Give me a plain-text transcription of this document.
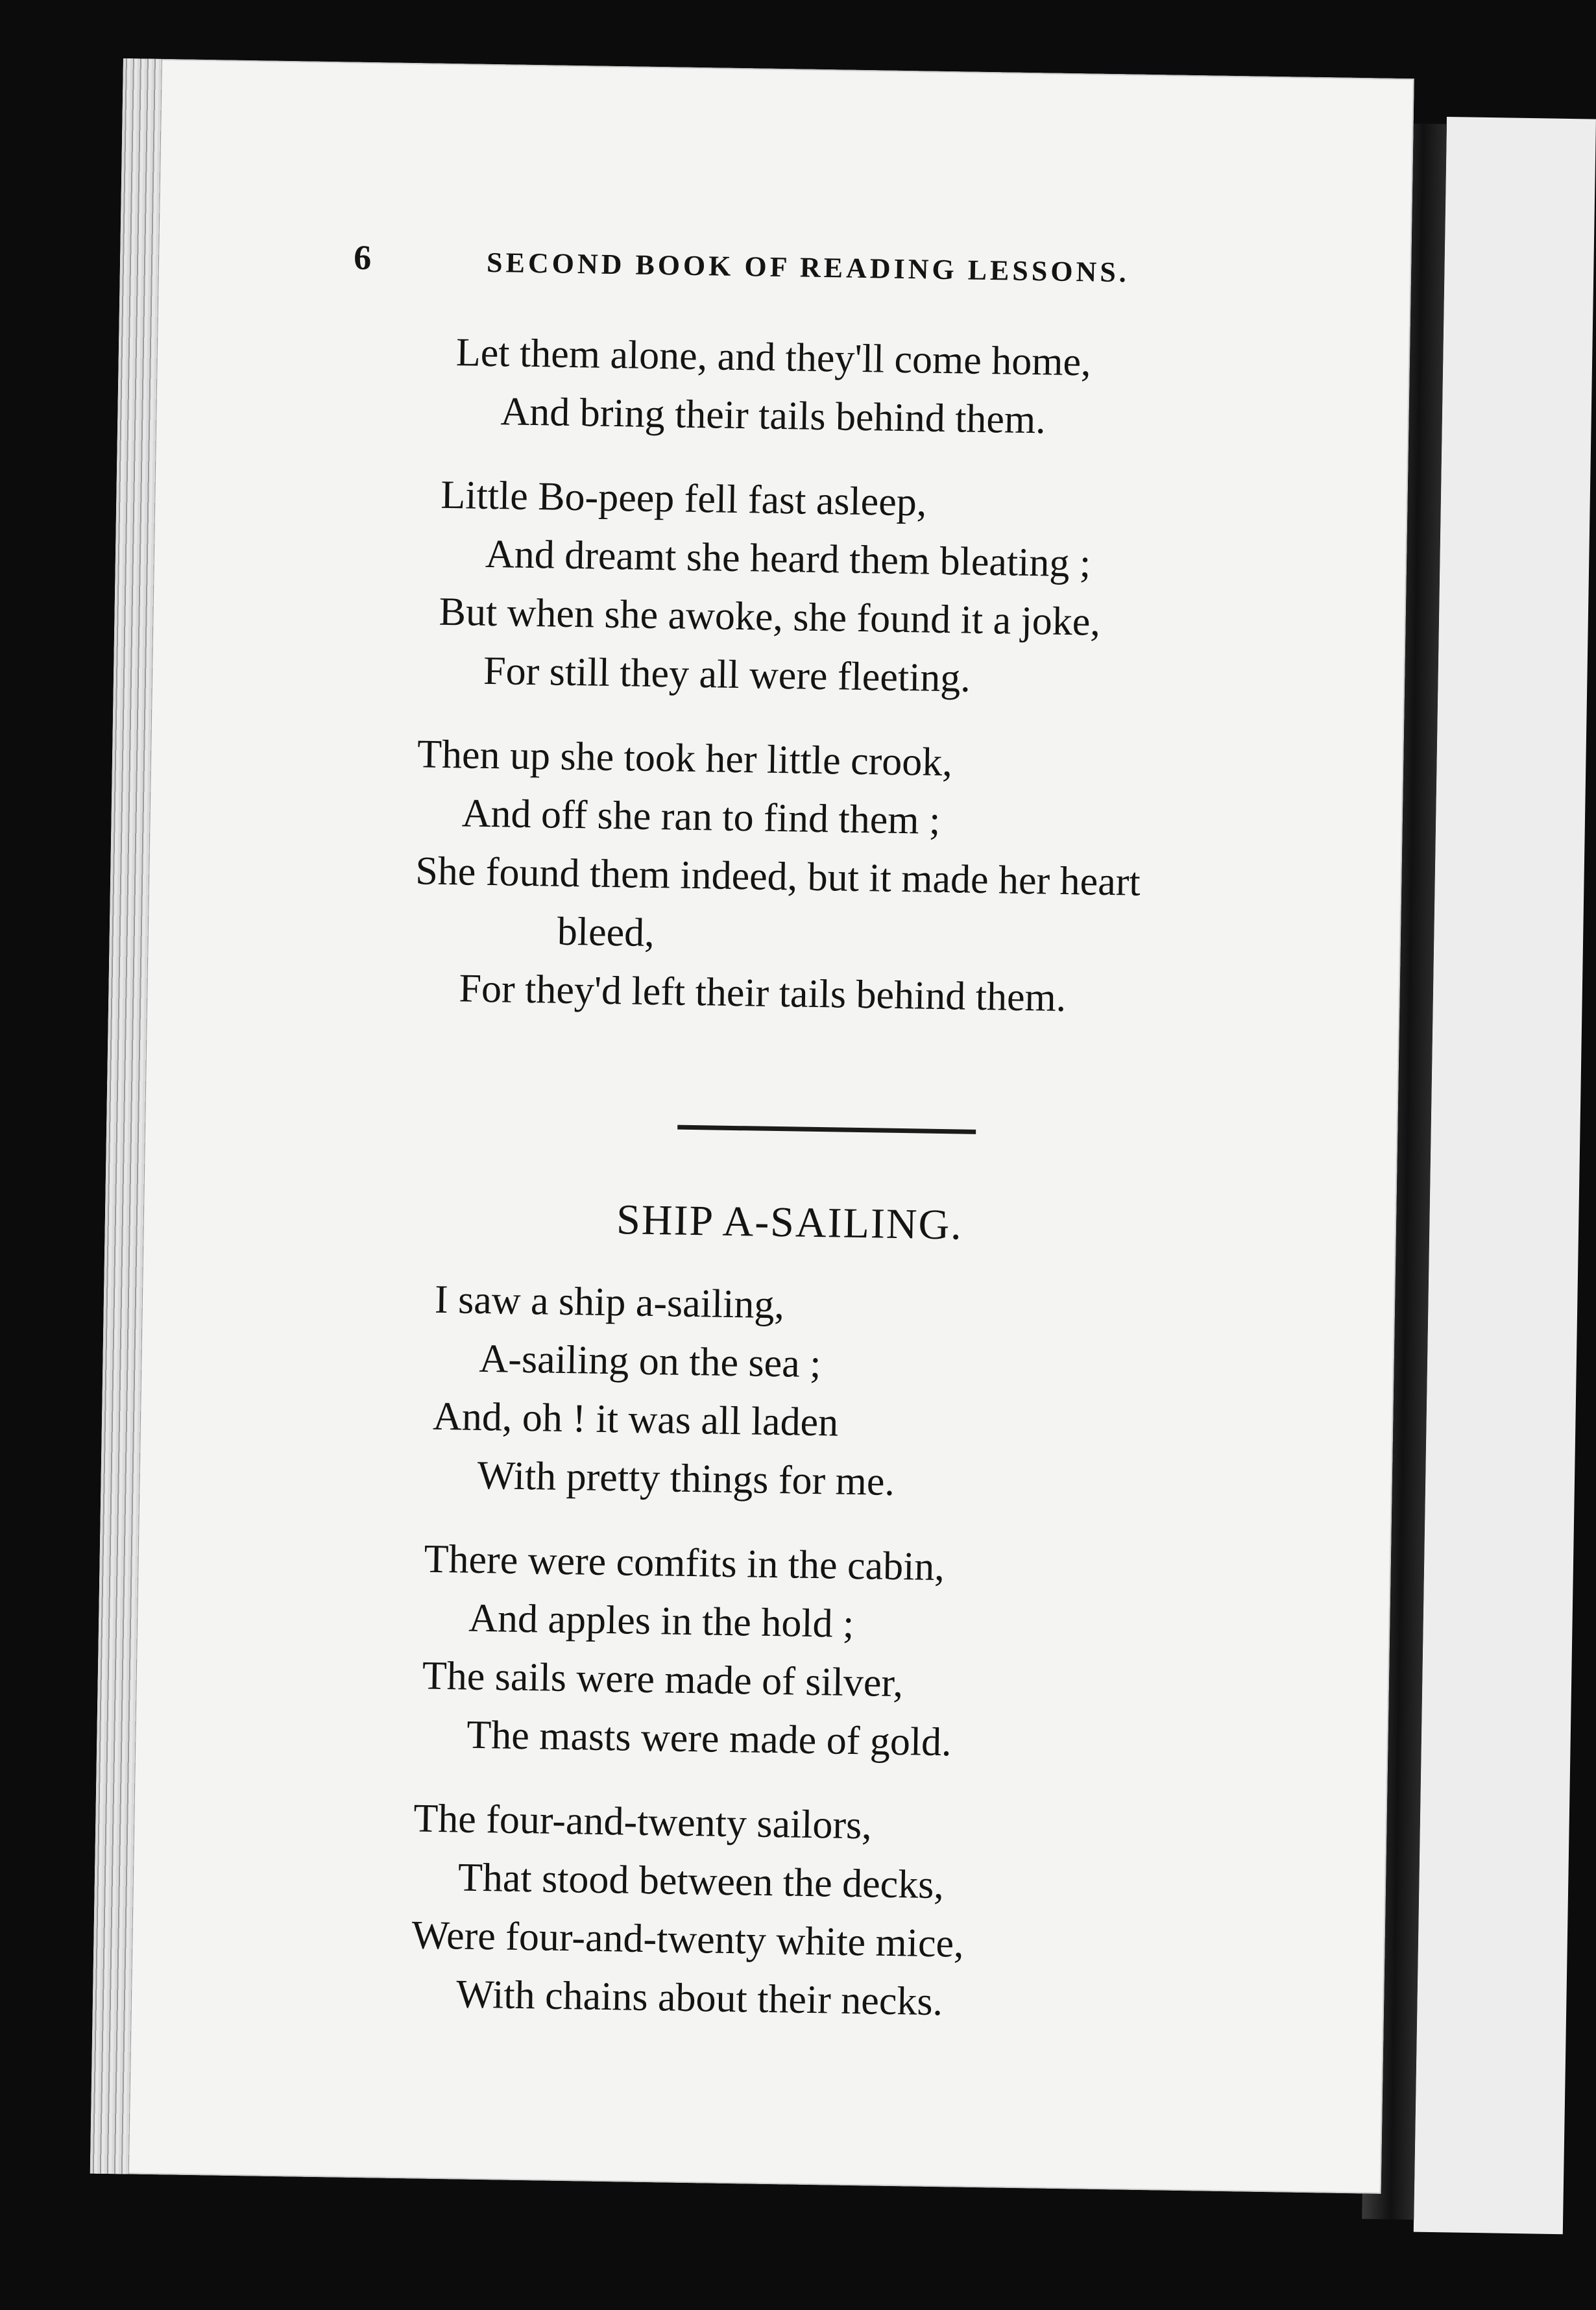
6	SECOND BOOK OF READING LESSONS.
Let them alone, and they'll come home,
And bring their tails behind them.
Little Bo-peep fell fast asleep,
And dreamt she heard them bleating ;
But when she awoke, she found it a joke,
For still they all were fleeting.
Then up she took her little crook,
And off she ran to find them ;
She found them indeed, but it made her heart
bleed,
For they'd left their tails behind them.
SHIP A-SAILING.
I saw a ship a-sailing,
A-sailing on the sea ;
And, oh ! it was all laden
With pretty things for me.
There were comfits in the cabin,
And apples in the hold ;
The sails were made of silver,
The masts were made of gold.
The four-and-twenty sailors,
That stood between the decks,
Were four-and-twenty white mice,
With chains about their necks.
